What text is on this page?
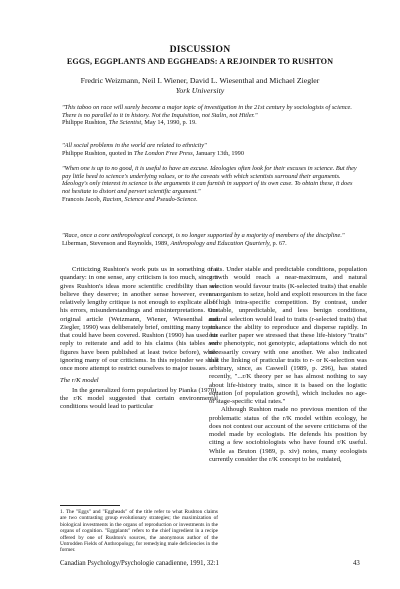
DISCUSSION
EGGS, EGGPLANTS AND EGGHEADS: A REJOINDER TO RUSHTON
Fredric Weizmann, Neil I. Wiener, David L. Wiesenthal and Michael Ziegler
York University
"This taboo on race will surely become a major topic of investigation in the 21st century by sociologists of science. There is no parallel to it in history. Not the Inquisition, not Stalin, not Hitler."
Philippe Rushton, The Scientist, May 14, 1990, p. 19.
"All social problems in the world are related to ethnicity"
Philippe Rushton, quoted in The London Free Press, January 13th, 1990
"When one is up to no good, it is useful to have an excuse. Ideologies often look for their excuses in science. But they pay little heed to science's underlying values, or to the caveats with which scientists surround their arguments. Ideology's only interest in science is the arguments it can furnish in support of its own case. To obtain these, it does not hesitate to distort and pervert scientific argument."
Francois Jacob, Racism, Science and Pseudo-Science.
"Race, once a core anthropological concept, is no longer supported by a majority of members of the discipline."
Liberman, Stevenson and Reynolds, 1989, Anthropology and Education Quarterly, p. 67.

Criticizing Rushton's work puts us in something of a quandary: in one sense, any criticism is too much, since it gives Rushton's ideas more scientific credibility than we believe they deserve; in another sense however, even a relatively lengthy critique is not enough to explicate all of his errors, misunderstandings and misinterpretations. Our original article (Weizmann, Wiener, Wiesenthal and Ziegler, 1990) was deliberately brief, omitting many topics that could have been covered. Rushton (1990) has used his reply to reiterate and add to his claims (his tables and figures have been published at least twice before), while ignoring many of our criticisms. In this rejoinder we shall once more attempt to restrict ourselves to major issues.

The r/K model

In the generalized form popularized by Pianka (1970), the r/K model suggested that certain environmental conditions would lead to particular

traits. Under stable and predictable conditions, population growth would reach a near-maximum, and natural selection would favour traits (K-selected traits) that enable an organism to seize, hold and exploit resources in the face of high intra-specific competition. By contrast, under unstable, unpredictable, and less benign conditions, natural selection would lead to traits (r-selected traits) that enhance the ability to reproduce and disperse rapidly. In our earlier paper we stressed that these life-history "traits" were phenotypic, not genotypic, adaptations which do not necessarily covary with one another. We also indicated that the linking of praticular traits to r- or K-selection was arbitrary, since, as Caswell (1989, p. 296), has stated recently, "...r/K theory per se has almost nothing to say about life-history traits, since it is based on the logistic equation [of population growth], which includes no age- or stage-specific vital rates."

Although Rushton made no previous mention of the problematic status of the r/K model within ecology, he does not contest our account of the severe criticisms of the model made by ecologists. He defends his position by citing a few sociobiologists who have found r/K useful. While as Bruton (1989, p. xiv) notes, many ecologists currently consider the r/K concept to be outdated,

1. The "Eggs" and "Eggheads" of the title refer to what Rushton claims are two contrasting group evolutionary strategies; the maximization of biological investments in the organs of reproduction or investments in the organs of cognition. "Eggplants" refers to the chief ingredient in a recipe offered by one of Rushton's sources, the anonymous author of the Untrodden Fields of Anthropology, for remedying male deficiencies in the former.
Canadian Psychology/Psychologie canadienne, 1991, 32:1	43
